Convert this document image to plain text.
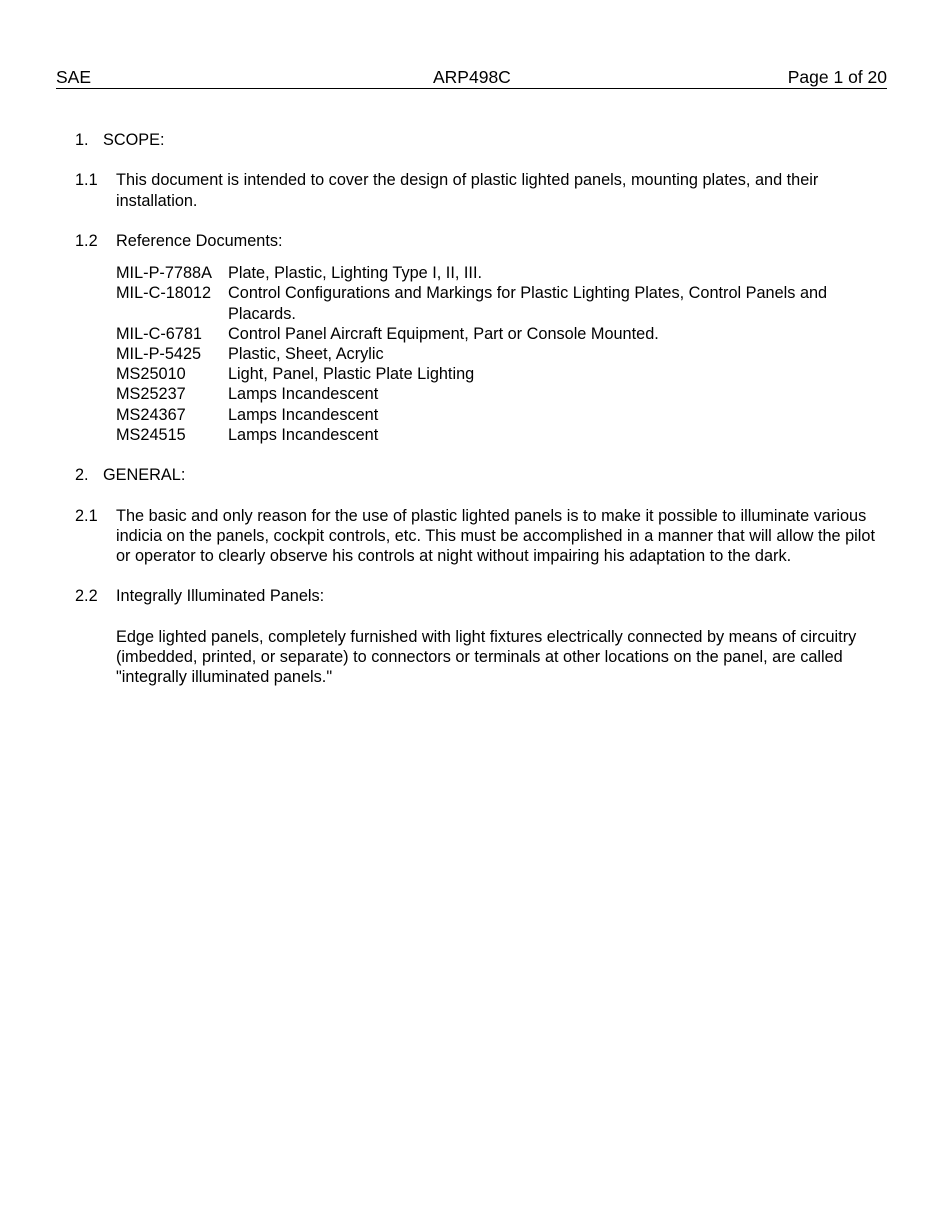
SAE	ARP498C	Page 1 of 20
1. SCOPE:
1.1 This document is intended to cover the design of plastic lighted panels, mounting plates, and their installation.
1.2 Reference Documents:
MIL-P-7788A Plate, Plastic, Lighting Type I, II, III.
MIL-C-18012	Control Configurations and Markings for Plastic Lighting Plates, Control Panels and Placards.
MIL-C-6781	Control Panel Aircraft Equipment, Part or Console Mounted.
MIL-P-5425	Plastic, Sheet, Acrylic
MS25010	Light, Panel, Plastic Plate Lighting
MS25237	Lamps Incandescent
MS24367	Lamps Incandescent
MS24515	Lamps Incandescent
2. GENERAL:
2.1 The basic and only reason for the use of plastic lighted panels is to make it possible to illuminate various indicia on the panels, cockpit controls, etc. This must be accomplished in a manner that will allow the pilot or operator to clearly observe his controls at night without impairing his adaptation to the dark.
2.2 Integrally Illuminated Panels:
Edge lighted panels, completely furnished with light fixtures electrically connected by means of circuitry (imbedded, printed, or separate) to connectors or terminals at other locations on the panel, are called "integrally illuminated panels."
